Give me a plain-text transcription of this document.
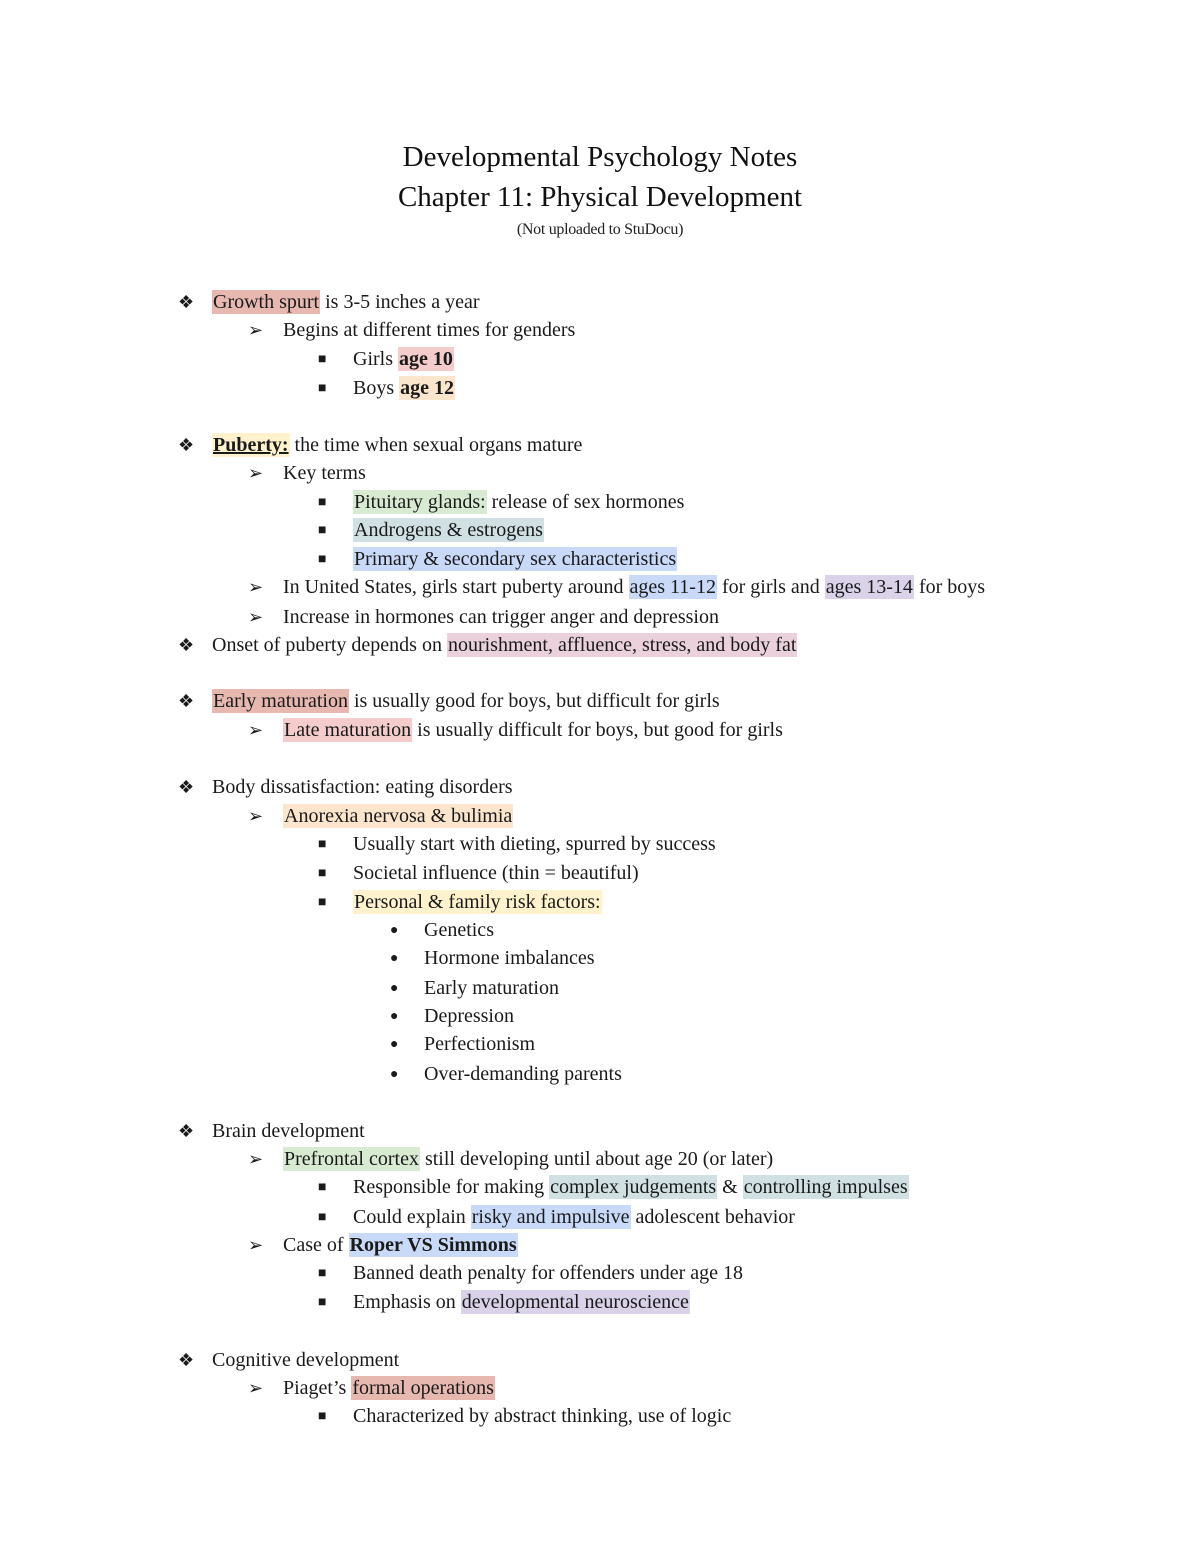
Developmental Psychology Notes
Chapter 11: Physical Development
(Not uploaded to StuDocu)
❖ Growth spurt is 3-5 inches a year
➢ Begins at different times for genders
■ Girls age 10
■ Boys age 12
❖ Puberty: the time when sexual organs mature
➢ Key terms
■ Pituitary glands: release of sex hormones
■ Androgens & estrogens
■ Primary & secondary sex characteristics
➢ In United States, girls start puberty around ages 11-12 for girls and ages 13-14 for boys
➢ Increase in hormones can trigger anger and depression
❖ Onset of puberty depends on nourishment, affluence, stress, and body fat
❖ Early maturation is usually good for boys, but difficult for girls
➢ Late maturation is usually difficult for boys, but good for girls
❖ Body dissatisfaction: eating disorders
➢ Anorexia nervosa & bulimia
■ Usually start with dieting, spurred by success
■ Societal influence (thin = beautiful)
■ Personal & family risk factors:
● Genetics
● Hormone imbalances
● Early maturation
● Depression
● Perfectionism
● Over-demanding parents
❖ Brain development
➢ Prefrontal cortex still developing until about age 20 (or later)
■ Responsible for making complex judgements & controlling impulses
■ Could explain risky and impulsive adolescent behavior
➢ Case of Roper VS Simmons
■ Banned death penalty for offenders under age 18
■ Emphasis on developmental neuroscience
❖ Cognitive development
➢ Piaget’s formal operations
■ Characterized by abstract thinking, use of logic
